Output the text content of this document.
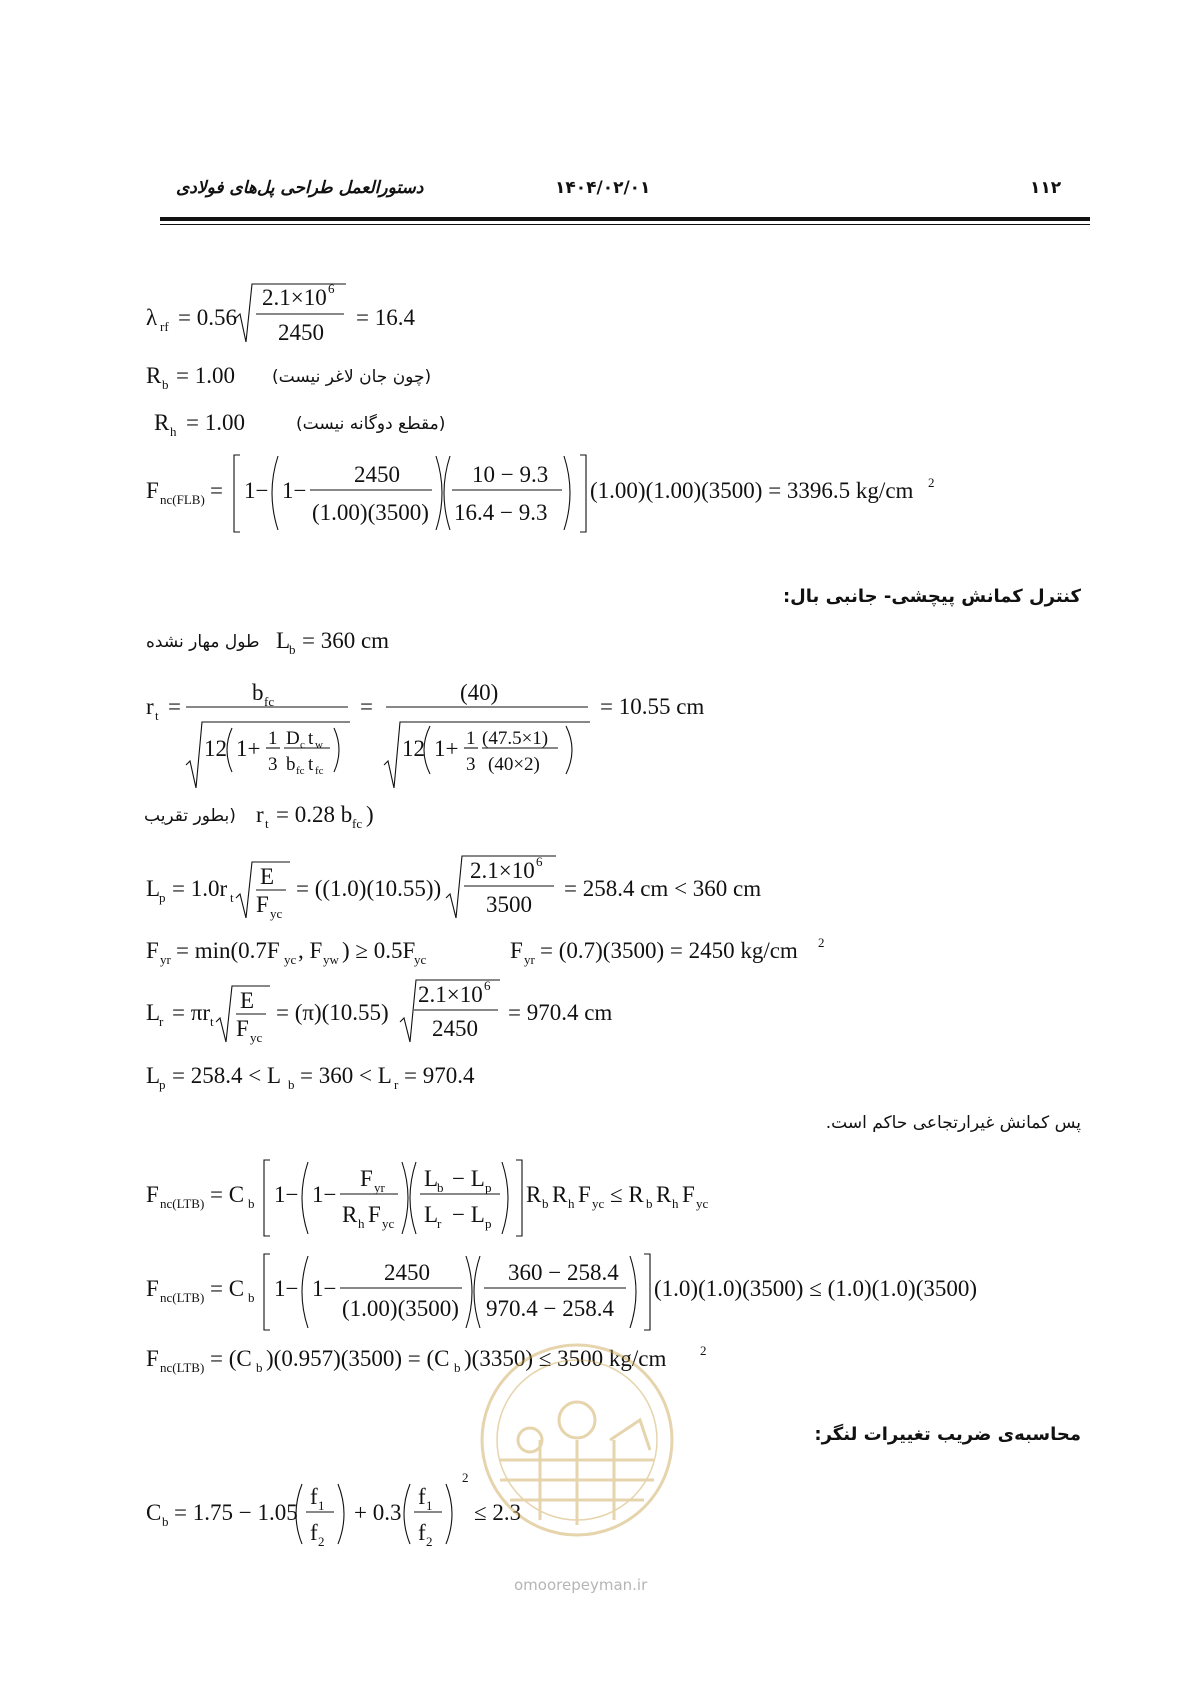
۱۱۲
۱۴۰۴/۰۲/۰۱
دستورالعمل طراحی پل‌های فولادی
λ rf = 0.56
2.1×10 6
2450
= 16.4
R b = 1.00
R h = 1.00
F nc(FLB) = 1− 1−
2450
(1.00)(3500)
10 − 9.3
16.4 − 9.3
(1.00)(1.00)(3500) = 3396.5 kg/cm 2
L
b = 360 cm
r t =
b fc
12 1+ 1
3
D c t w
b fc t fc
=
(40)
12 1+ 1
3
(47.5×1)
(40×2)
= 10.55 cm
r t = 0.28 b fc )
L
p = 1.0r t
E
F yc
= ((1.0)(10.55))
2.1×10 6
3500
= 258.4 cm < 360 cm
F yr = min(0.7F yc , F yw ) ≥ 0.5F
yc	F yr = (0.7)(3500) = 2450 kg/cm 2
L
r = πr t
E
F yc
= (π)(10.55)
2.1×10 6
2450
= 970.4 cm
L
p = 258.4 < L b = 360 < L r = 970.4
F nc(LTB) = C b 1− 1−
F yr
R h F yc
L
b − L p
L
r − L p
R b R h F yc ≤ R b R h F yc
F nc(LTB) = C b 1− 1−
2450
(1.00)(3500)
360 − 258.4
970.4 − 258.4
(1.0)(1.0)(3500) ≤ (1.0)(1.0)(3500)
F nc(LTB) = (C b )(0.957)(3500) = (C b )(3350) ≤ 3500 kg/cm	2
C b = 1.75 − 1.05
f 1
f 2
+ 0.3
f 1
f 2
2
≤ 2.3
(چون جان لاغر نیست)
(مقطع دوگانه نیست)
کنترل کمانش پیچشی- جانبی بال:
طول مهار نشده
(بطور تقریب
پس کمانش غیرارتجاعی حاکم است.
محاسبه‌ی ضریب تغییرات لنگر:
omoorepeyman.ir
